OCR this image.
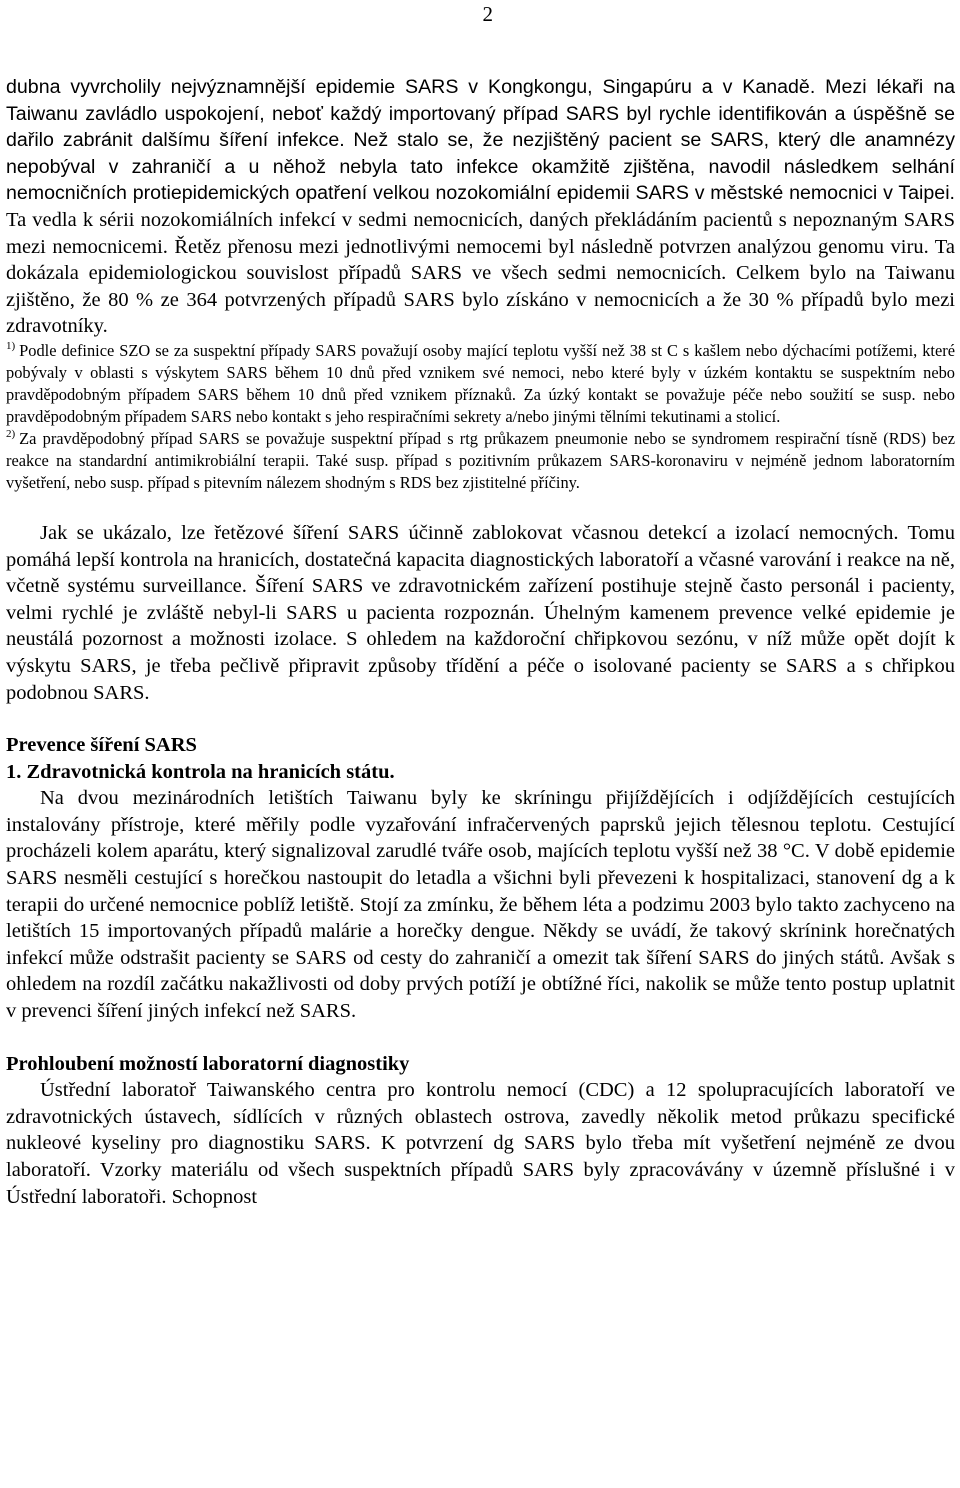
2

dubna vyvrcholily nejvýznamnější epidemie SARS v Kongkongu, Singapúru a v Kanadě. Mezi lékaři na Taiwanu zavládlo uspokojení, neboť každý importovaný případ SARS byl rychle identifikován a úspěšně se dařilo zabránit dalšímu šíření infekce. Než stalo se, že nezjištěný pacient se SARS, který dle anamnézy nepobýval v zahraničí a u něhož nebyla tato infekce okamžitě zjištěna, navodil následkem selhání nemocničních protiepidemických opatření velkou nozokomiální epidemii SARS v městské nemocnici v Taipei. Ta vedla k sérii nozokomiálních infekcí v sedmi nemocnicích, daných překládáním pacientů s nepoznaným SARS mezi nemocnicemi. Řetěz přenosu mezi jednotlivými nemocemi byl následně potvrzen analýzou genomu viru. Ta dokázala epidemiologickou souvislost případů SARS ve všech sedmi nemocnicích. Celkem bylo na Taiwanu zjištěno, že 80 % ze 364 potvrzených případů SARS bylo získáno v nemocnicích a že 30 % případů bylo mezi zdravotníky.

$^{1)}$ Podle definice SZO se za suspektní případy SARS považují osoby mající teplotu vyšší než 38 st C s kašlem nebo dýchacími potížemi, které pobývaly v oblasti s výskytem SARS během 10 dnů před vznikem své nemoci, nebo které byly v úzkém kontaktu se suspektním nebo pravděpodobným případem SARS během 10 dnů před vznikem příznaků. Za úzký kontakt se považuje péče nebo soužití se susp. nebo pravděpodobným případem SARS nebo kontakt s jeho respiračními sekrety a/nebo jinými tělními tekutinami a stolicí.

$^{2)}$ Za pravděpodobný případ SARS se považuje suspektní případ s rtg průkazem pneumonie nebo se syndromem respirační tísně (RDS) bez reakce na standardní antimikrobiální terapii. Také susp. případ s pozitivním průkazem SARS-koronaviru v nejméně jednom laboratorním vyšetření, nebo susp. případ s pitevním nálezem shodným s RDS bez zjistitelné příčiny.

Jak se ukázalo, lze řetězové šíření SARS účinně zablokovat včasnou detekcí a izolací nemocných. Tomu pomáhá lepší kontrola na hranicích, dostatečná kapacita diagnostických laboratoří a včasné varování i reakce na ně, včetně systému surveillance. Šíření SARS ve zdravotnickém zařízení postihuje stejně často personál i pacienty, velmi rychlé je zvláště nebyl-li SARS u pacienta rozpoznán. Úhelným kamenem prevence velké epidemie je neustálá pozornost a možnosti izolace. S ohledem na každoroční chřipkovou sezónu, v níž může opět dojít k výskytu SARS, je třeba pečlivě připravit způsoby třídění a péče o isolované pacienty se SARS a s chřipkou podobnou SARS.

Prevence šíření SARS

1. Zdravotnická kontrola na hranicích státu.

Na dvou mezinárodních letištích Taiwanu byly ke skríningu přijíždějících i odjíždějících cestujících instalovány přístroje, které měřily podle vyzařování infračervených paprsků jejich tělesnou teplotu. Cestující procházeli kolem aparátu, který signalizoval zarudlé tváře osob, majících teplotu vyšší než 38 °C. V době epidemie SARS nesměli cestující s horečkou nastoupit do letadla a všichni byli převezeni k hospitalizaci, stanovení dg a k terapii do určené nemocnice poblíž letiště. Stojí za zmínku, že během léta a podzimu 2003 bylo takto zachyceno na letištích 15 importovaných případů malárie a horečky dengue. Někdy se uvádí, že takový skrínink horečnatých infekcí může odstrašit pacienty se SARS od cesty do zahraničí a omezit tak šíření SARS do jiných států. Avšak s ohledem na rozdíl začátku nakažlivosti od doby prvých potíží je obtížné říci, nakolik se může tento postup uplatnit v prevenci šíření jiných infekcí než SARS.

Prohloubení možností laboratorní diagnostiky

Ústřední laboratoř Taiwanského centra pro kontrolu nemocí (CDC) a 12 spolupracujících laboratoří ve zdravotnických ústavech, sídlících v různých oblastech ostrova, zavedly několik metod průkazu specifické nukleové kyseliny pro diagnostiku SARS. K potvrzení dg SARS bylo třeba mít vyšetření nejméně ze dvou laboratoří. Vzorky materiálu od všech suspektních případů SARS byly zpracovávány v územně příslušné i v Ústřední laboratoři. Schopnost
